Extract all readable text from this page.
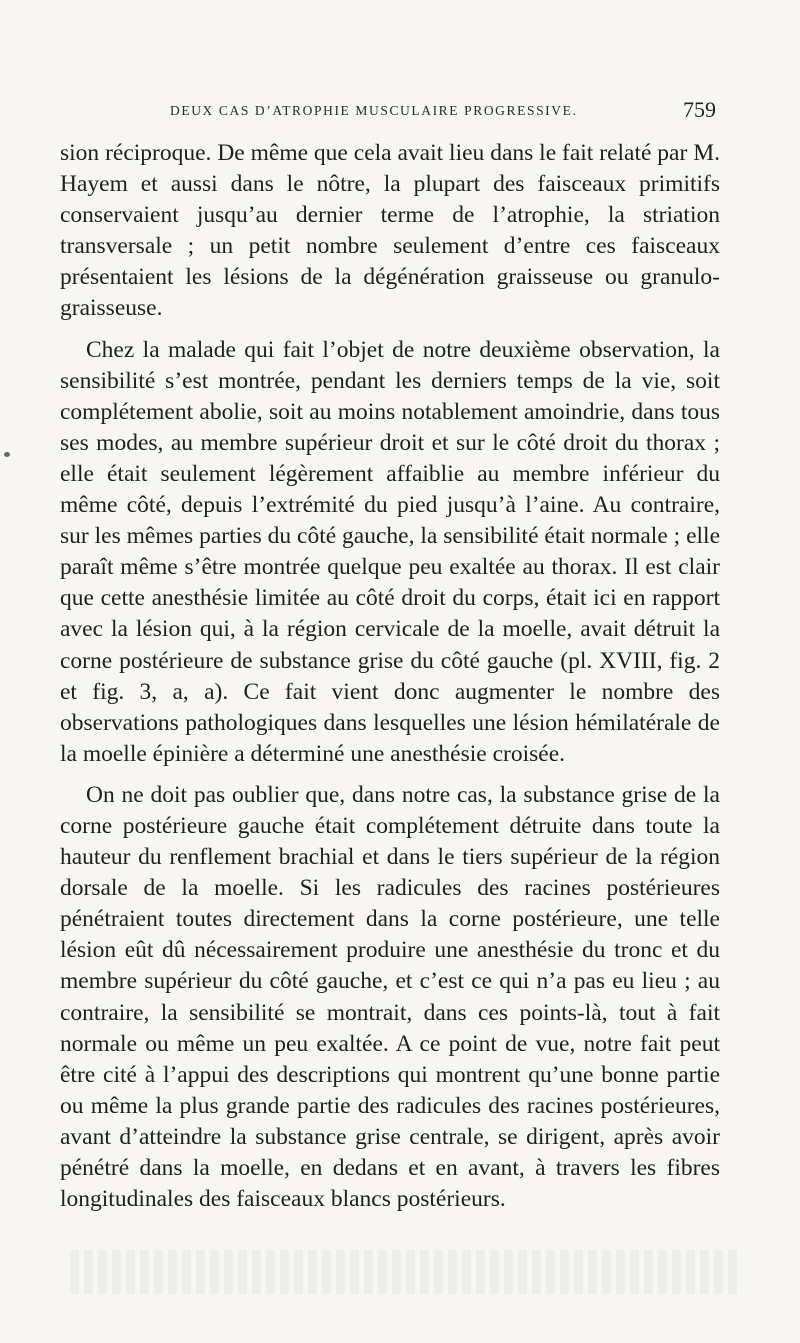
DEUX CAS D’ATROPHIE MUSCULAIRE PROGRESSIVE.	759

sion réciproque. De même que cela avait lieu dans le fait relaté par M. Hayem et aussi dans le nôtre, la plupart des faisceaux primitifs conservaient jusqu’au dernier terme de l’atrophie, la striation transversale ; un petit nombre seulement d’entre ces faisceaux présentaient les lésions de la dégénération graisseuse ou granulo-graisseuse.

Chez la malade qui fait l’objet de notre deuxième observation, la sensibilité s’est montrée, pendant les derniers temps de la vie, soit complétement abolie, soit au moins notablement amoindrie, dans tous ses modes, au membre supérieur droit et sur le côté droit du thorax ; elle était seulement légèrement affaiblie au membre inférieur du même côté, depuis l’extrémité du pied jusqu’à l’aine. Au contraire, sur les mêmes parties du côté gauche, la sensibilité était normale ; elle paraît même s’être montrée quelque peu exaltée au thorax. Il est clair que cette anesthésie limitée au côté droit du corps, était ici en rapport avec la lésion qui, à la région cervicale de la moelle, avait détruit la corne postérieure de substance grise du côté gauche (pl. XVIII, fig. 2 et fig. 3, a, a). Ce fait vient donc augmenter le nombre des observations pathologiques dans lesquelles une lésion hémilatérale de la moelle épinière a déterminé une anesthésie croisée.

On ne doit pas oublier que, dans notre cas, la substance grise de la corne postérieure gauche était complétement détruite dans toute la hauteur du renflement brachial et dans le tiers supérieur de la région dorsale de la moelle. Si les radicules des racines postérieures pénétraient toutes directement dans la corne postérieure, une telle lésion eût dû nécessairement produire une anesthésie du tronc et du membre supérieur du côté gauche, et c’est ce qui n’a pas eu lieu ; au contraire, la sensibilité se montrait, dans ces points-là, tout à fait normale ou même un peu exaltée. A ce point de vue, notre fait peut être cité à l’appui des descriptions qui montrent qu’une bonne partie ou même la plus grande partie des radicules des racines postérieures, avant d’atteindre la substance grise centrale, se dirigent, après avoir pénétré dans la moelle, en dedans et en avant, à travers les fibres longitudinales des faisceaux blancs postérieurs.
